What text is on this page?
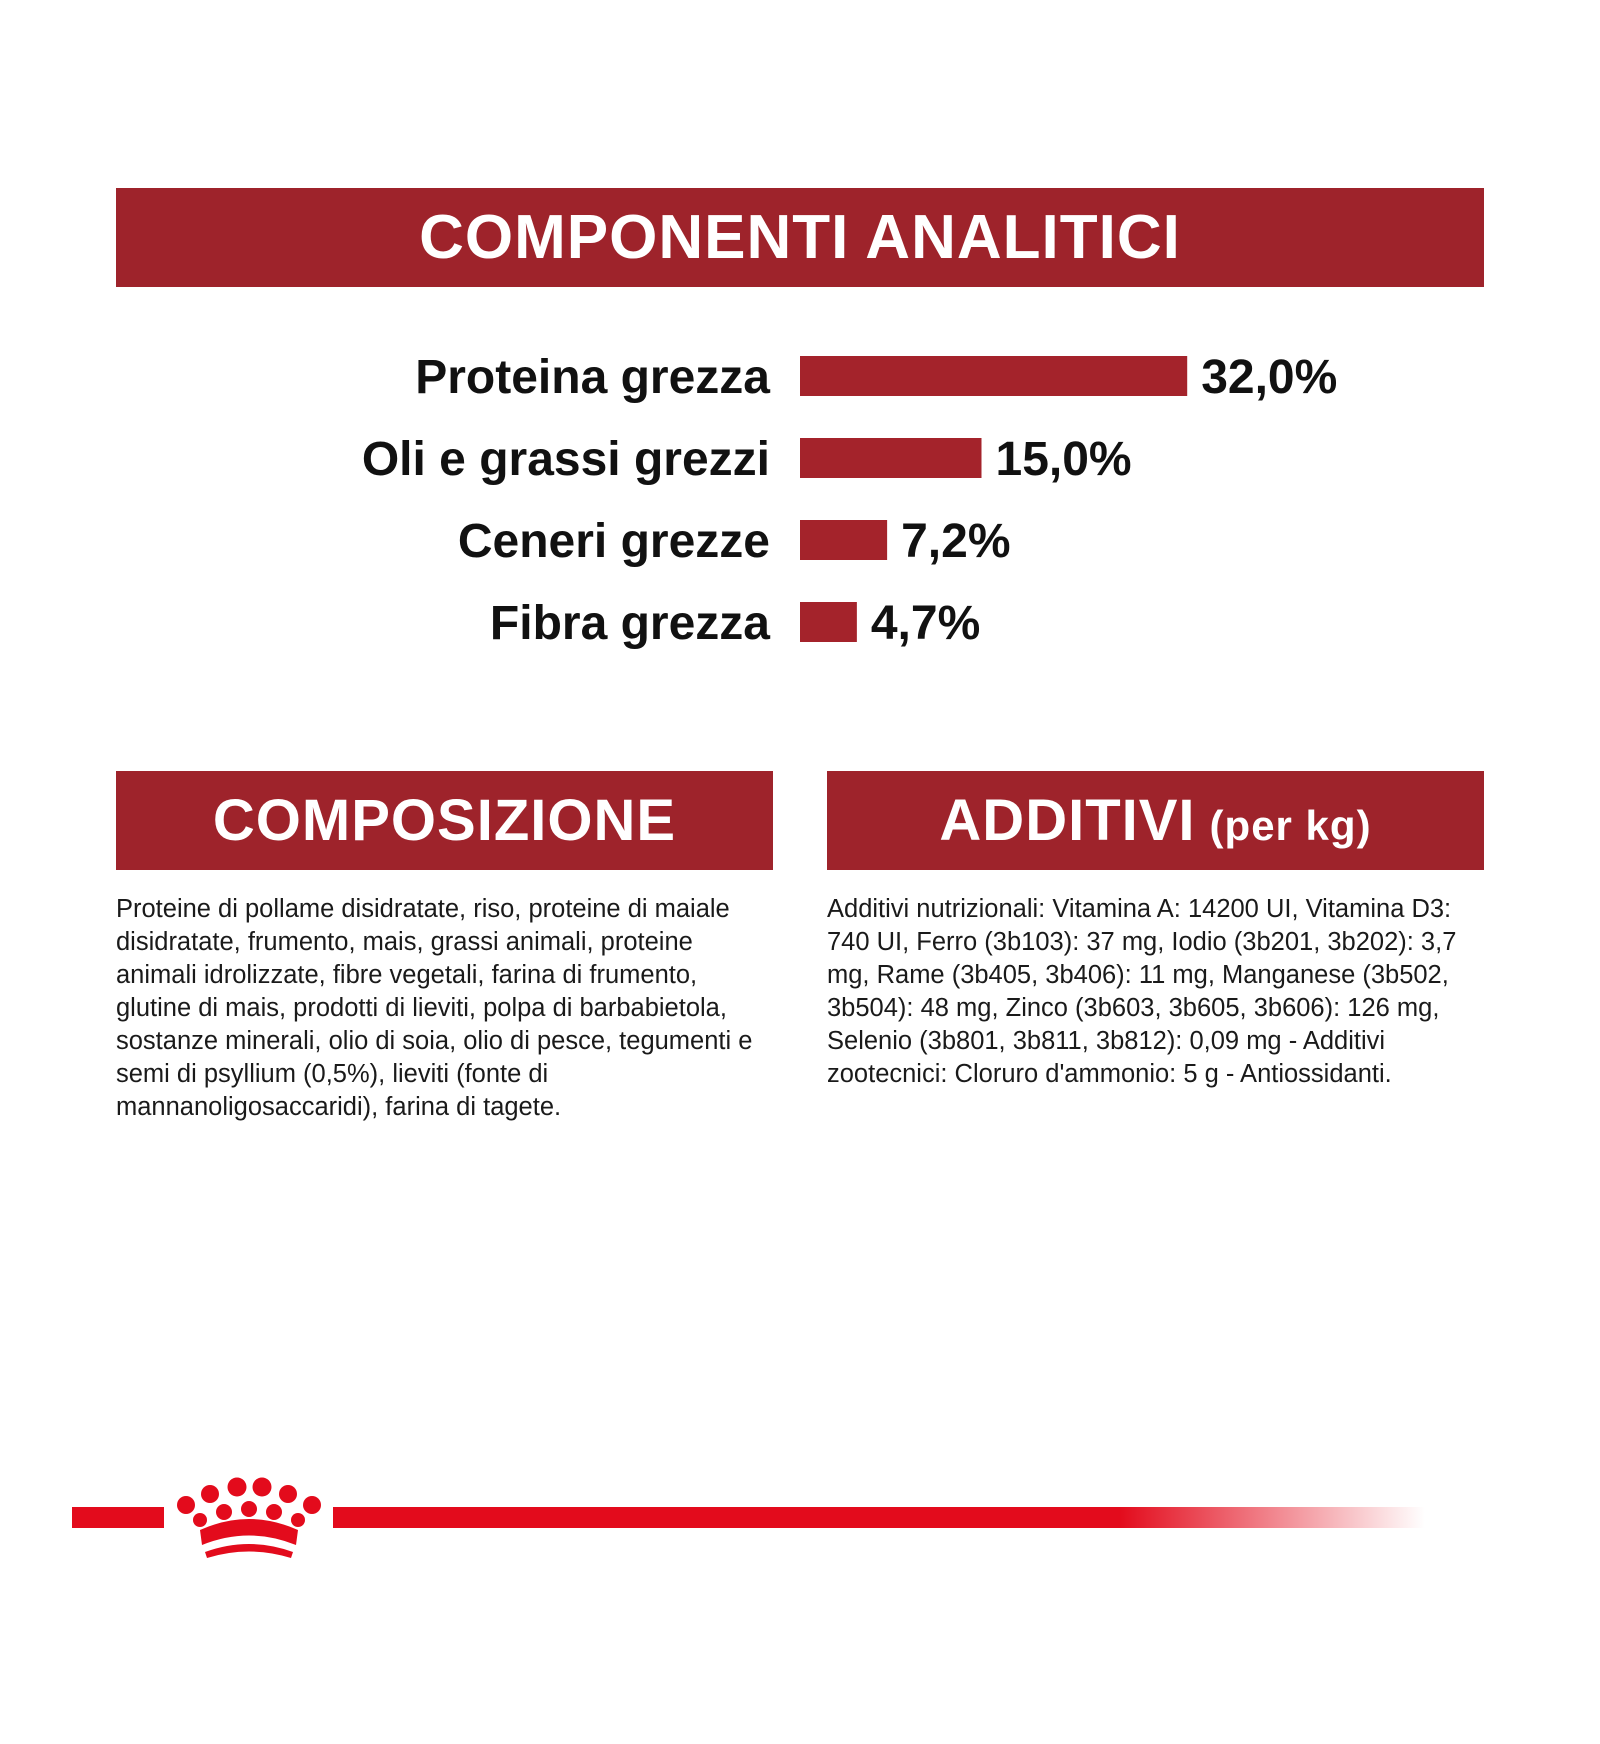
COMPONENTI ANALITICI
Proteina grezza	32,0%
Oli e grassi grezzi	15,0%
Ceneri grezze	7,2%
Fibra grezza 4,7%
COMPOSIZIONE	ADDITIVI (per kg)

Proteine di pollame disidratate, riso, proteine di maiale disidratate, frumento, mais, grassi animali, proteine animali idrolizzate, fibre vegetali, farina di frumento, glutine di mais, prodotti di lieviti, polpa di barbabietola, sostanze minerali, olio di soia, olio di pesce, tegumenti e semi di psyllium (0,5%), lieviti (fonte di mannanoligosaccaridi), farina di tagete.

Additivi nutrizionali: Vitamina A: 14200 UI, Vitamina D3: 740 UI, Ferro (3b103): 37 mg, Iodio (3b201, 3b202): 3,7 mg, Rame (3b405, 3b406): 11 mg, Manganese (3b502, 3b504): 48 mg, Zinco (3b603, 3b605, 3b606): 126 mg, Selenio (3b801, 3b811, 3b812): 0,09 mg - Additivi zootecnici: Cloruro d'ammonio: 5 g - Antiossidanti.
